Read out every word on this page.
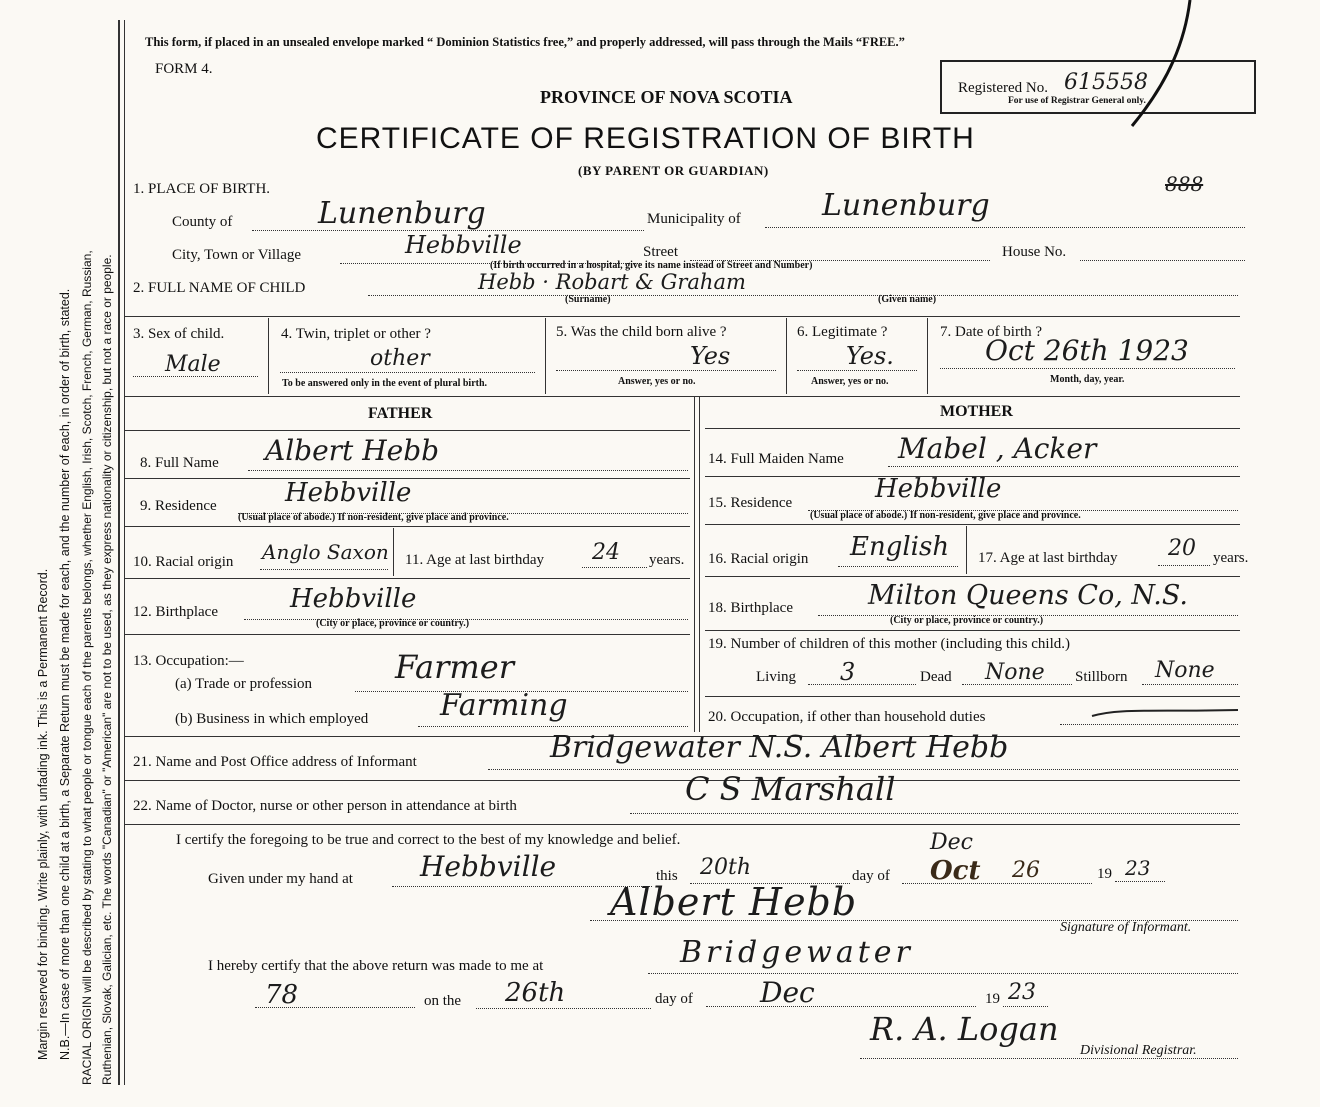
Margin reserved for binding. Write plainly, with unfading ink. This is a Permanent Record. N.B.—In case of more than one child at a birth, a Separate Return must be made for each, and the number of each, in order of birth, stated. RACIAL ORIGIN will be described by stating to what people or tongue each of the parents belongs, whether English, Irish, Scotch, French, German, Russian, Ruthenian, Slovak, Galician, etc. The words "Canadian" or "American" are not to be used, as they express nationality or citizenship, but not a race or people.
This form, if placed in an unsealed envelope marked “ Dominion Statistics free,” and properly addressed, will pass through the Mails “FREE.”
FORM 4.
PROVINCE OF NOVA SCOTIA
CERTIFICATE OF REGISTRATION OF BIRTH
(BY PARENT OR GUARDIAN)
Registered No. 615558
For use of Registrar General only.
888
1. PLACE OF BIRTH.
County of	Lunenburg	Municipality of	Lunenburg
City, Town or Village	Hebbville	Street	House No.
(If birth occurred in a hospital, give its name instead of Street and Number)
2. FULL NAME OF CHILD	Hebb · Robart & Graham
(Surname)	(Given name)
3. Sex of child.
Male
4. Twin, triplet or other ?
other
To be answered only in the event of plural birth.
5. Was the child born alive ?
Yes
Answer, yes or no.
6. Legitimate ?
Yes.
Answer, yes or no.
7. Date of birth ?
Oct 26th 1923
Month, day, year.
FATHER	MOTHER
8. Full Name Albert Hebb
9. Residence	Hebbville
(Usual place of abode.) If non-resident, give place and province.
10. Racial origin Anglo Saxon 11. Age at last birthday 24 years.
12. Birthplace	Hebbville
(City or place, province or country.)
13. Occupation:—
(a) Trade or profession	Farmer
(b) Business in which employed Farming
14. Full Maiden Name Mabel , Acker
15. Residence	Hebbville
(Usual place of abode.) If non-resident, give place and province.
16. Racial origin English 17. Age at last birthday 20 years.
18. Birthplace	Milton Queens Co, N.S.
(City or place, province or country.)
19. Number of children of this mother (including this child.)
Living 3	Dead None Stillborn None
20. Occupation, if other than household duties
21. Name and Post Office address of Informant	Bridgewater N.S. Albert Hebb
22. Name of Doctor, nurse or other person in attendance at birth	C S Marshall
I certify the foregoing to be true and correct to the best of my knowledge and belief.
Given under my hand at Hebbville	this 20th	day of
Dec
Oct 26	19 23
Albert Hebb
Signature of Informant.
I hereby certify that the above return was made to me at	Bridgewater
78	on the 26th	day of Dec	19 23
R. A. Logan
Divisional Registrar.
